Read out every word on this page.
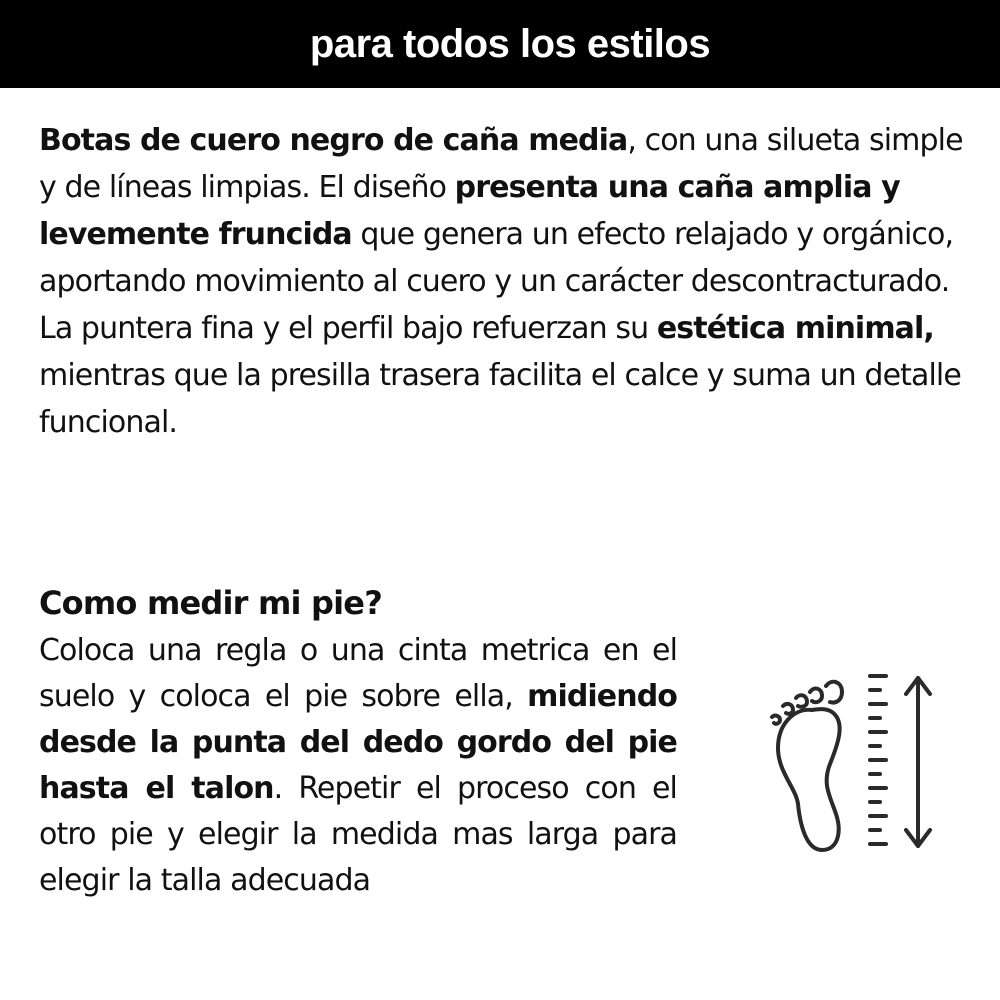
para todos los estilos

Botas de cuero negro de caña media, con una silueta simple y de líneas limpias. El diseño presenta una caña amplia y levemente fruncida que genera un efecto relajado y orgánico, aportando movimiento al cuero y un carácter descontracturado.

La puntera fina y el perfil bajo refuerzan su estética minimal, mientras que la presilla trasera facilita el calce y suma un detalle funcional.

Como medir mi pie?

Coloca una regla o una cinta metrica en el suelo y coloca el pie sobre ella, midiendo desde la punta del dedo gordo del pie hasta el talon. Repetir el proceso con el otro pie y elegir la medida mas larga para elegir la talla adecuada
